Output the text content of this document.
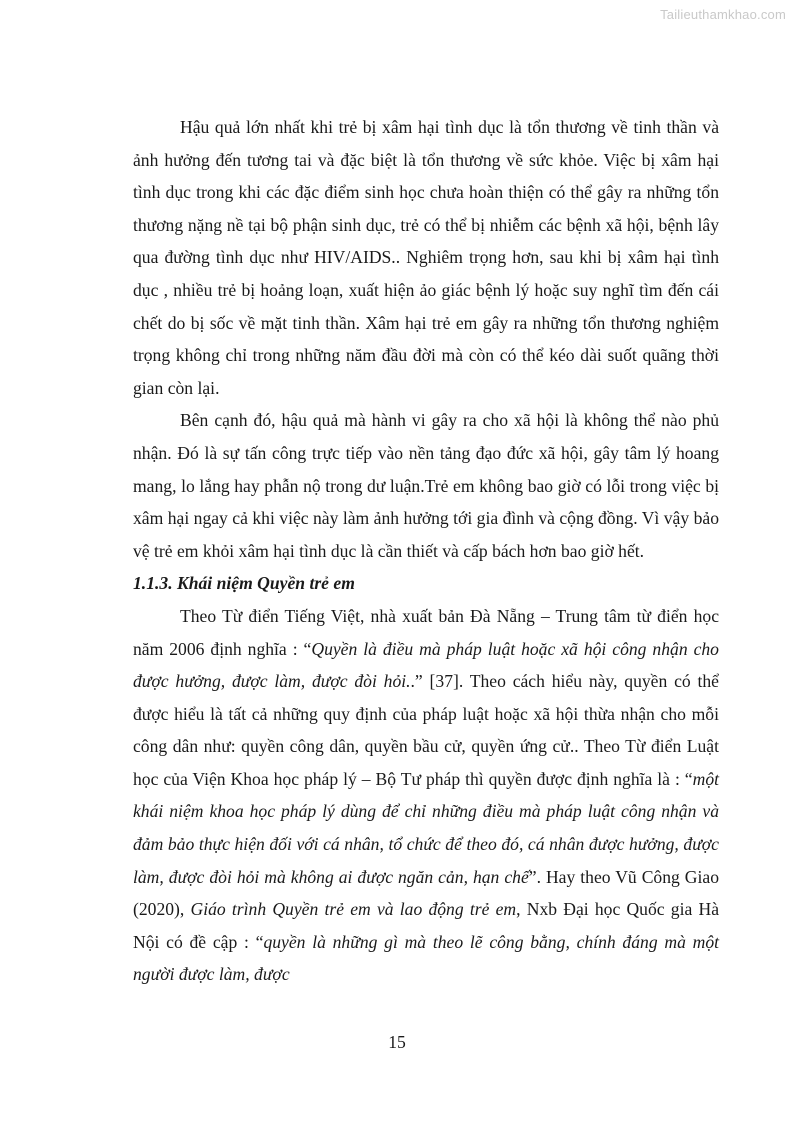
Tailieuthamkhao.com

Hậu quả lớn nhất khi trẻ bị xâm hại tình dục là tổn thương về tinh thần và ảnh hưởng đến tương tai và đặc biệt là tổn thương về sức khỏe. Việc bị xâm hại tình dục trong khi các đặc điểm sinh học chưa hoàn thiện có thể gây ra những tổn thương nặng nề tại bộ phận sinh dục, trẻ có thể bị nhiễm các bệnh xã hội, bệnh lây qua đường tình dục như HIV/AIDS.. Nghiêm trọng hơn, sau khi bị xâm hại tình dục , nhiều trẻ bị hoảng loạn, xuất hiện ảo giác bệnh lý hoặc suy nghĩ tìm đến cái chết do bị sốc về mặt tinh thần. Xâm hại trẻ em gây ra những tổn thương nghiệm trọng không chỉ trong những năm đầu đời mà còn có thể kéo dài suốt quãng thời gian còn lại.

Bên cạnh đó, hậu quả mà hành vi gây ra cho xã hội là không thể nào phủ nhận. Đó là sự tấn công trực tiếp vào nền tảng đạo đức xã hội, gây tâm lý hoang mang, lo lắng hay phẫn nộ trong dư luận.Trẻ em không bao giờ có lỗi trong việc bị xâm hại ngay cả khi việc này làm ảnh hưởng tới gia đình và cộng đồng. Vì vậy bảo vệ trẻ em khỏi xâm hại tình dục là cần thiết và cấp bách hơn bao giờ hết.

1.1.3. Khái niệm Quyền trẻ em

Theo Từ điển Tiếng Việt, nhà xuất bản Đà Nẵng – Trung tâm từ điển học năm 2006 định nghĩa : “Quyền là điều mà pháp luật hoặc xã hội công nhận cho được hưởng, được làm, được đòi hỏi..” [37]. Theo cách hiểu này, quyền có thể được hiểu là tất cả những quy định của pháp luật hoặc xã hội thừa nhận cho mỗi công dân như: quyền công dân, quyền bầu cử, quyền ứng cử.. Theo Từ điển Luật học của Viện Khoa học pháp lý – Bộ Tư pháp thì quyền được định nghĩa là : “một khái niệm khoa học pháp lý dùng để chỉ những điều mà pháp luật công nhận và đảm bảo thực hiện đối với cá nhân, tổ chức để theo đó, cá nhân được hưởng, được làm, được đòi hỏi mà không ai được ngăn cản, hạn chế”. Hay theo Vũ Công Giao (2020), Giáo trình Quyền trẻ em và lao động trẻ em, Nxb Đại học Quốc gia Hà Nội có đề cập : “quyền là những gì mà theo lẽ công bằng, chính đáng mà một người được làm, được

15
